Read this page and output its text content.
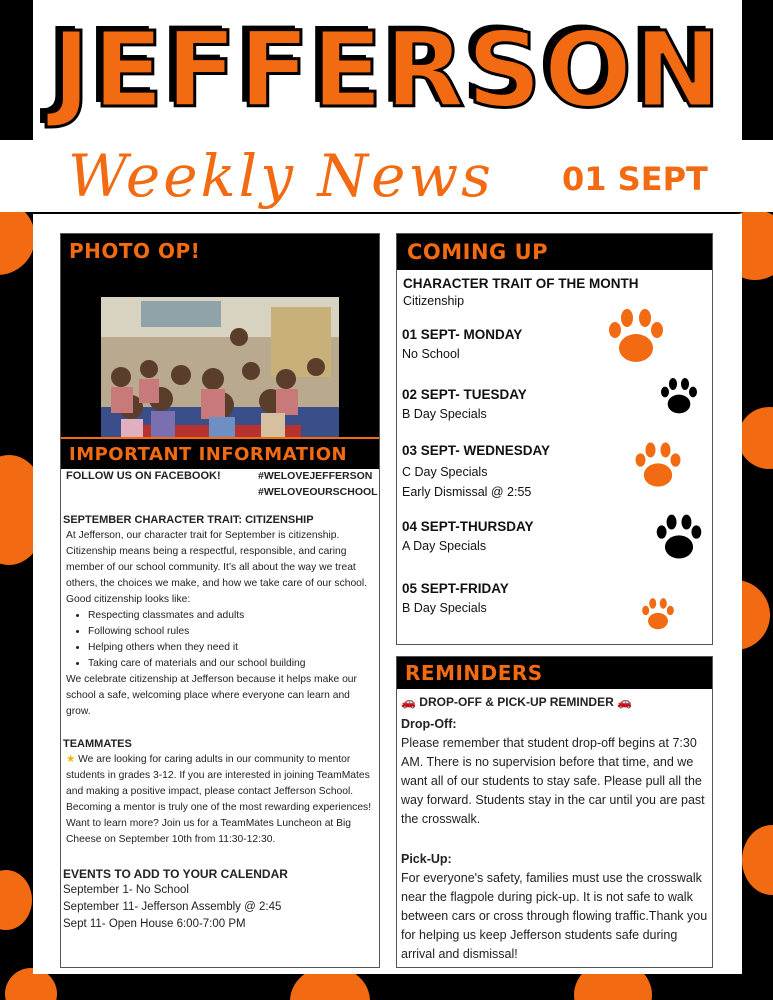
JEFFERSON
Weekly News 01 SEPT
PHOTO OP!
IMPORTANT INFORMATION
FOLLOW US ON FACEBOOK!	#WELOVEJEFFERSON
#WELOVEOURSCHOOL
SEPTEMBER CHARACTER TRAIT: CITIZENSHIP
At Jefferson, our character trait for September is citizenship. Citizenship means being a respectful, responsible, and caring member of our school community. It’s all about the way we treat others, the choices we make, and how we take care of our school.
Good citizenship looks like:
• Respecting classmates and adults
• Following school rules
• Helping others when they need it
• Taking care of materials and our school building
We celebrate citizenship at Jefferson because it helps make our school a safe, welcoming place where everyone can learn and grow.
TEAMMATES
★ We are looking for caring adults in our community to mentor students in grades 3-12. If you are interested in joining TeamMates and making a positive impact, please contact Jefferson School. Becoming a mentor is truly one of the most rewarding experiences! Want to learn more? Join us for a TeamMates Luncheon at Big Cheese on September 10th from 11:30-12:30.
EVENTS TO ADD TO YOUR CALENDAR
September 1- No School
September 11- Jefferson Assembly @ 2:45
Sept 11- Open House 6:00-7:00 PM
COMING UP
CHARACTER TRAIT OF THE MONTH
Citizenship
01 SEPT- MONDAY
No School
02 SEPT- TUESDAY
B Day Specials
03 SEPT- WEDNESDAY
C Day Specials
Early Dismissal @ 2:55
04 SEPT-THURSDAY
A Day Specials
05 SEPT-FRIDAY
B Day Specials
REMINDERS
🚗 DROP-OFF & PICK-UP REMINDER 🚗
Drop-Off:
Please remember that student drop-off begins at 7:30 AM. There is no supervision before that time, and we want all of our students to stay safe. Please pull all the way forward. Students stay in the car until you are past the crosswalk.
Pick-Up:
For everyone's safety, families must use the crosswalk near the flagpole during pick-up. It is not safe to walk between cars or cross through flowing traffic.Thank you for helping us keep Jefferson students safe during arrival and dismissal!
